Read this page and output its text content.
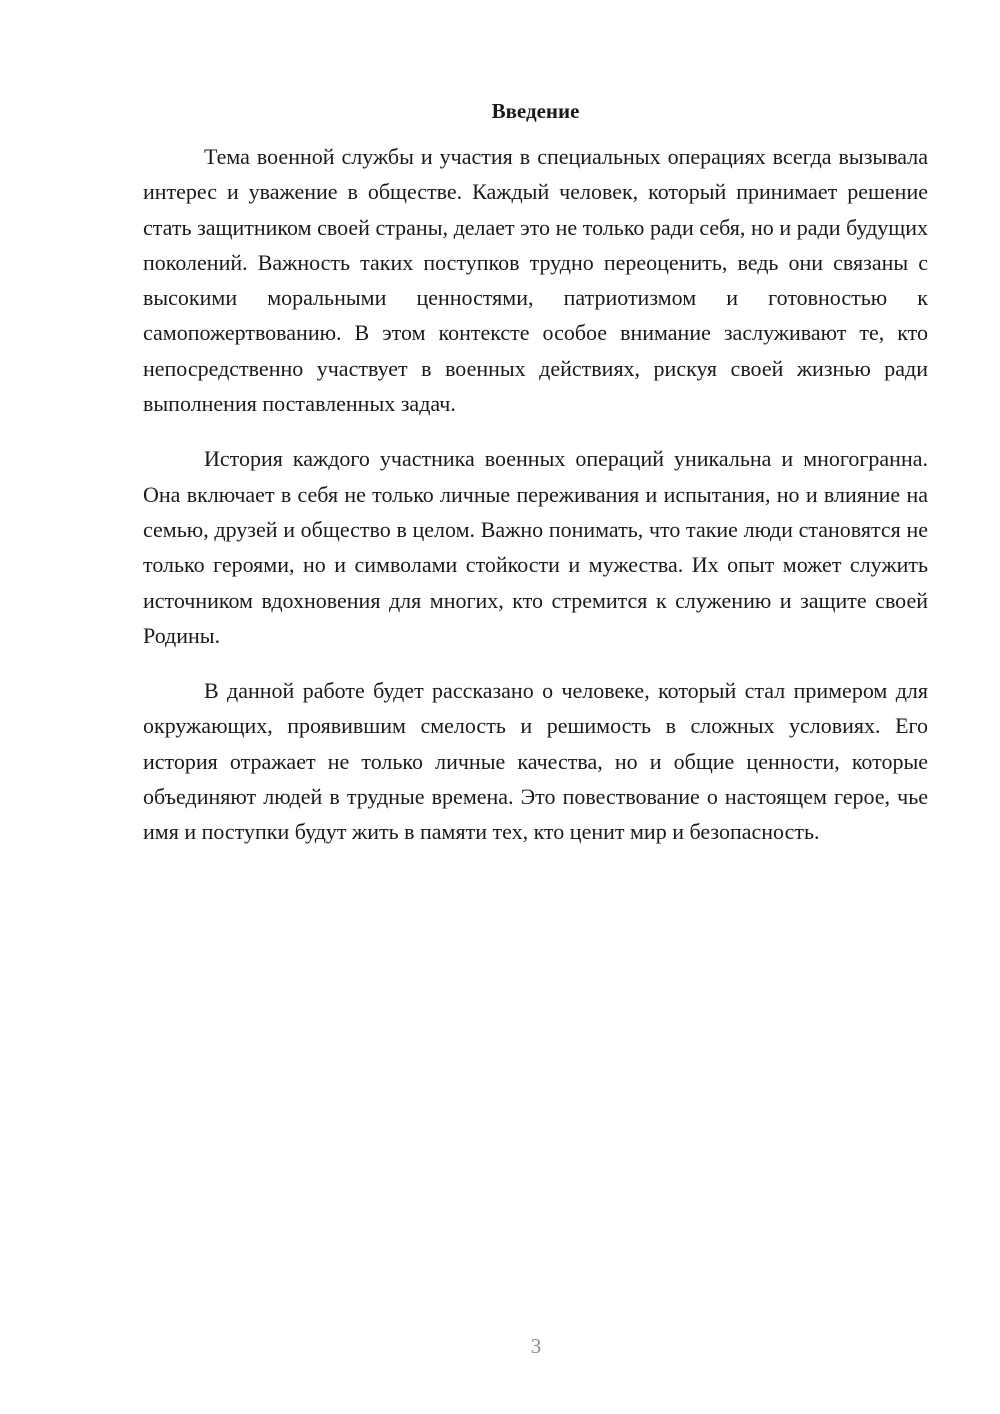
Введение

Тема военной службы и участия в специальных операциях всегда вызывала интерес и уважение в обществе. Каждый человек, который принимает решение стать защитником своей страны, делает это не только ради себя, но и ради будущих поколений. Важность таких поступков трудно переоценить, ведь они связаны с высокими моральными ценностями, патриотизмом и готовностью к самопожертвованию. В этом контексте особое внимание заслуживают те, кто непосредственно участвует в военных действиях, рискуя своей жизнью ради выполнения поставленных задач.

История каждого участника военных операций уникальна и многогранна. Она включает в себя не только личные переживания и испытания, но и влияние на семью, друзей и общество в целом. Важно понимать, что такие люди становятся не только героями, но и символами стойкости и мужества. Их опыт может служить источником вдохновения для многих, кто стремится к служению и защите своей Родины.

В данной работе будет рассказано о человеке, который стал примером для окружающих, проявившим смелость и решимость в сложных условиях. Его история отражает не только личные качества, но и общие ценности, которые объединяют людей в трудные времена. Это повествование о настоящем герое, чье имя и поступки будут жить в памяти тех, кто ценит мир и безопасность.

3
